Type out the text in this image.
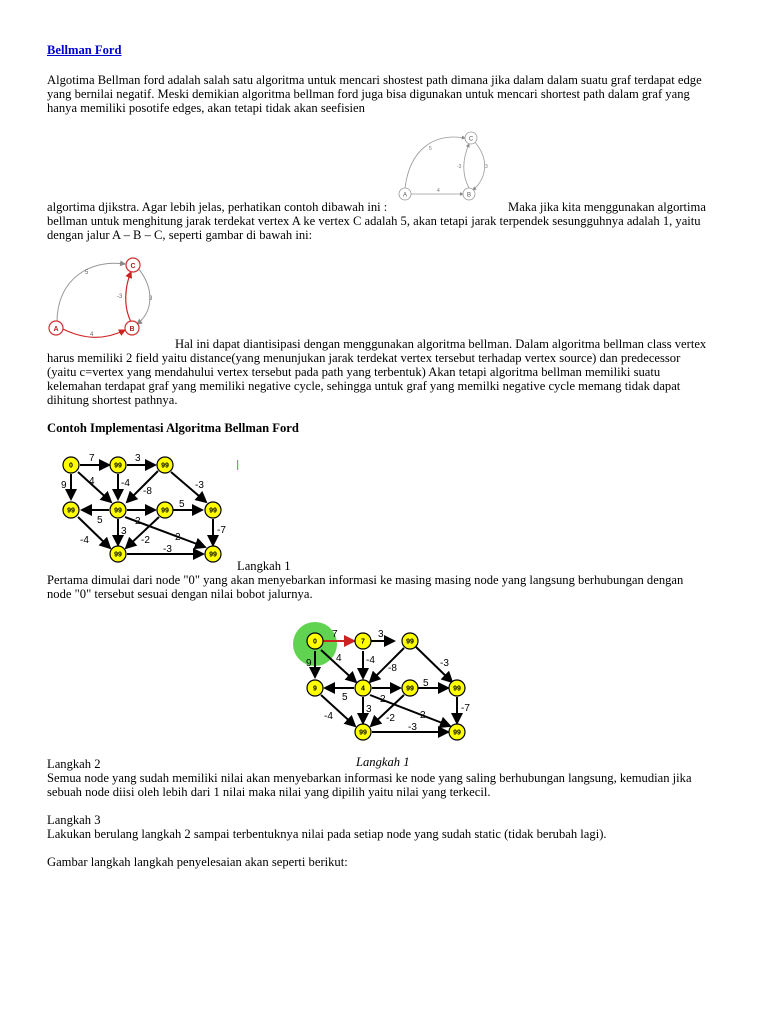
Bellman Ford

Algotima Bellman ford adalah salah satu algoritma untuk mencari shostest path dimana jika dalam dalam suatu graf terdapat edge

yang bernilai negatif. Meski demikian algoritma bellman ford juga bisa digunakan untuk mencari shortest path dalam graf yang

hanya memiliki posotife edges, akan tetapi tidak akan seefisien

C
B
A
5
3
-3
4

algortima djikstra. Agar lebih jelas, perhatikan contoh dibawah ini :	Maka jika kita menggunakan algortima

bellman untuk menghitung jarak terdekat vertex A ke vertex C adalah 5, akan tetapi jarak terpendek sesungguhnya adalah 1, yaitu

dengan jalur A – B – C, seperti gambar di bawah ini:

C
B
A
5
3
-3
4

Hal ini dapat diantisipasi dengan menggunakan algoritma bellman. Dalam algoritma bellman class vertex

harus memiliki 2 field yaitu distance(yang menunjukan jarak terdekat vertex tersebut terhadap vertex source) dan predecessor

(yaitu c=vertex yang mendahului vertex tersebut pada path yang terbentuk) Akan tetapi algoritma bellman memiliki suatu

kelemahan terdapat graf yang memiliki negative cycle, sehingga untuk graf yang memilki negative cycle memang tidak dapat

dihitung shortest pathnya.

Contoh Implementasi Algoritma Bellman Ford

0	99	99
99	99	99	99
99	99
7	3
9 4	-4
-8
-3
5
5
3
2
2
-2
-7
-4
-3

Langkah 1

Pertama dimulai dari node "0" yang akan menyebarkan informasi ke masing masing node yang langsung berhubungan dengan

node "0" tersebut sesuai dengan nilai bobot jalurnya.

0	7	99
9	4	99	99
99	99
7	3
9 4 -4
-8	-3
5
5
3
2
2
-2
-7
-4
-3

Langkah 1

Langkah 2

Semua node yang sudah memiliki nilai akan menyebarkan informasi ke node yang saling berhubungan langsung, kemudian jika

sebuah node diisi oleh lebih dari 1 nilai maka nilai yang dipilih yaitu nilai yang terkecil.

Langkah 3

Lakukan berulang langkah 2 sampai terbentuknya nilai pada setiap node yang sudah static (tidak berubah lagi).

Gambar langkah langkah penyelesaian akan seperti berikut:
